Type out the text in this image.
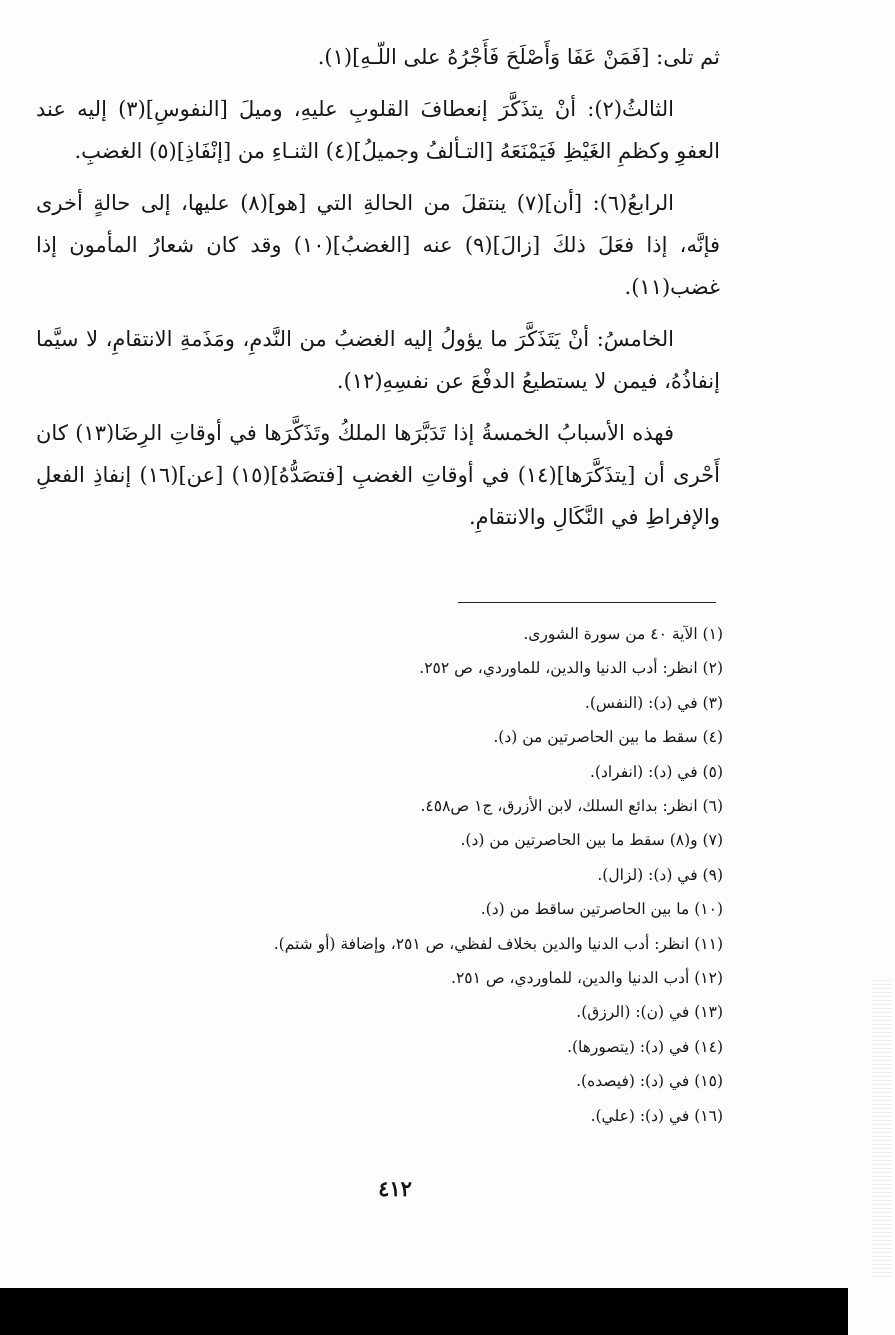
ثم تلى: [فَمَنْ عَفَا وَأَصْلَحَ فَأَجْرُهُ على اللّـهِ](١).

الثالثُ(٢): أنْ يتذَكَّرَ إنعطافَ القلوبِ عليهِ، وميلَ [النفوسِ](٣) إليه عند العفوِ وكظمِ الغَيْظِ فَيَمْنَعَهُ [التـألفُ وجميلُ](٤) الثنـاءِ من [إنْفَاذِ](٥) الغضبِ.

الرابعُ(٦): [أن](٧) ينتقلَ من الحالةِ التي [هو](٨) عليها، إلى حالةٍ أخرى فإنَّه، إذا فعَلَ ذلكَ [زالَ](٩) عنه [الغضبُ](١٠) وقد كان شعارُ المأمون إذا غضب(١١).

الخامسُ: أنْ يَتَذَكَّرَ ما يؤولُ إليه الغضبُ من النَّدمِ، ومَذَمةِ الانتقامِ، لا سيَّما إنفاذُهُ، فيمن لا يستطيعُ الدفْعَ عن نفسِهِ(١٢).

فهذه الأسبابُ الخمسةُ إذا تَدَبَّرَها الملكُ وتَذَكَّرَها في أوقاتِ الرِضَا(١٣) كان أَحْرى أن [يتذَكَّرَها](١٤) في أوقاتِ الغضبِ [فتصَدُّهُ](١٥) [عن](١٦) إنفاذِ الفعلِ والإفراطِ في النَّكَالِ والانتقامِ.

(١) الآية ٤٠ من سورة الشورى.
(٢) انظر: أدب الدنيا والدين، للماوردي، ص ٢٥٢.
(٣) في (د): (النفس).
(٤) سقط ما بين الحاصرتين من (د).
(٥) في (د): (انفراد).
(٦) انظر: بدائع السلك، لابن الأزرق، ج١ ص٤٥٨.
(٧) و(٨) سقط ما بين الحاصرتين من (د).
(٩) في (د): (لزال).
(١٠) ما بين الحاصرتين ساقط من (د).
(١١) انظر: أدب الدنيا والدين بخلاف لفظي، ص ٢٥١، وإضافة (أو شتم).
(١٢) أدب الدنيا والدين، للماوردي، ص ٢٥١.
(١٣) في (ن): (الرزق).
(١٤) في (د): (يتصورها).
(١٥) في (د): (فيصده).
(١٦) في (د): (علي).
٤١٢
